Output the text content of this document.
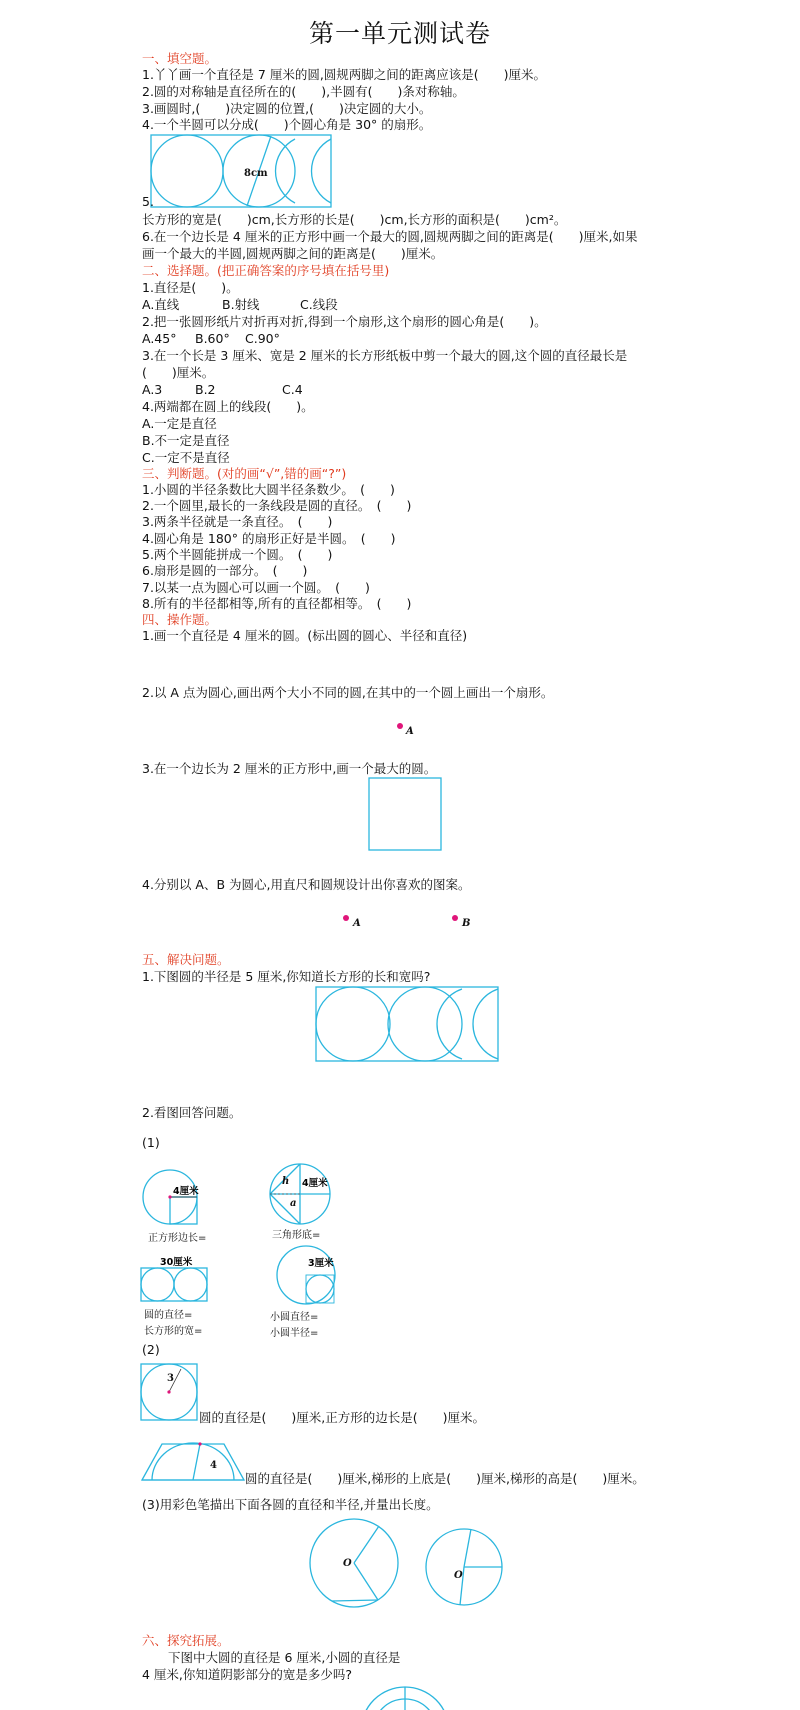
第一单元测试卷
一、填空题。
1.丫丫画一个直径是 7 厘米的圆,圆规两脚之间的距离应该是(　　)厘米。
2.圆的对称轴是直径所在的(　　),半圆有(　　)条对称轴。
3.画圆时,(　　)决定圆的位置,(　　)决定圆的大小。
4.一个半圆可以分成(　　)个圆心角是 30° 的扇形。
8cm
5.
长方形的宽是(　　)cm,长方形的长是(　　)cm,长方形的面积是(　　)cm²。
6.在一个边长是 4 厘米的正方形中画一个最大的圆,圆规两脚之间的距离是(　　)厘米,如果
画一个最大的半圆,圆规两脚之间的距离是(　　)厘米。
二、选择题。(把正确答案的序号填在括号里)
1.直径是(　　)。
A.直线	B.射线	C.线段
2.把一张圆形纸片对折再对折,得到一个扇形,这个扇形的圆心角是(　　)。
A.45° B.60° C.90°
3.在一个长是 3 厘米、宽是 2 厘米的长方形纸板中剪一个最大的圆,这个圆的直径最长是
(　　)厘米。
A.3	B.2	C.4
4.两端都在圆上的线段(　　)。
A.一定是直径
B.不一定是直径
C.一定不是直径
三、判断题。(对的画“√”,错的画“?”)
1.小圆的半径条数比大圆半径条数少。　(　　)
2.一个圆里,最长的一条线段是圆的直径。　(　　)
3.两条半径就是一条直径。　(　　)
4.圆心角是 180° 的扇形正好是半圆。　(　　)
5.两个半圆能拼成一个圆。　(　　)
6.扇形是圆的一部分。　(　　)
7.以某一点为圆心可以画一个圆。　(　　)
8.所有的半径都相等,所有的直径都相等。　(　　)
四、操作题。
1.画一个直径是 4 厘米的圆。(标出圆的圆心、半径和直径)
2.以 A 点为圆心,画出两个大小不同的圆,在其中的一个圆上画出一个扇形。
A
3.在一个边长为 2 厘米的正方形中,画一个最大的圆。
4.分别以 A、B 为圆心,用直尺和圆规设计出你喜欢的图案。
A	B
五、解决问题。
1.下图圆的半径是 5 厘米,你知道长方形的长和宽吗?
2.看图回答问题。
(1)
4厘米
正方形边长=
4厘米
h
a
三角形底=
30厘米
圆的直径=
长方形的宽=
3厘米
小圆直径=
小圆半径=
(2)
3
圆的直径是(　　)厘米,正方形的边长是(　　)厘米。
4
圆的直径是(　　)厘米,梯形的上底是(　　)厘米,梯形的高是(　　)厘米。
(3)用彩色笔描出下面各圆的直径和半径,并量出长度。
O
O
六、探究拓展。
下图中大圆的直径是 6 厘米,小圆的直径是
4 厘米,你知道阴影部分的宽是多少吗?
